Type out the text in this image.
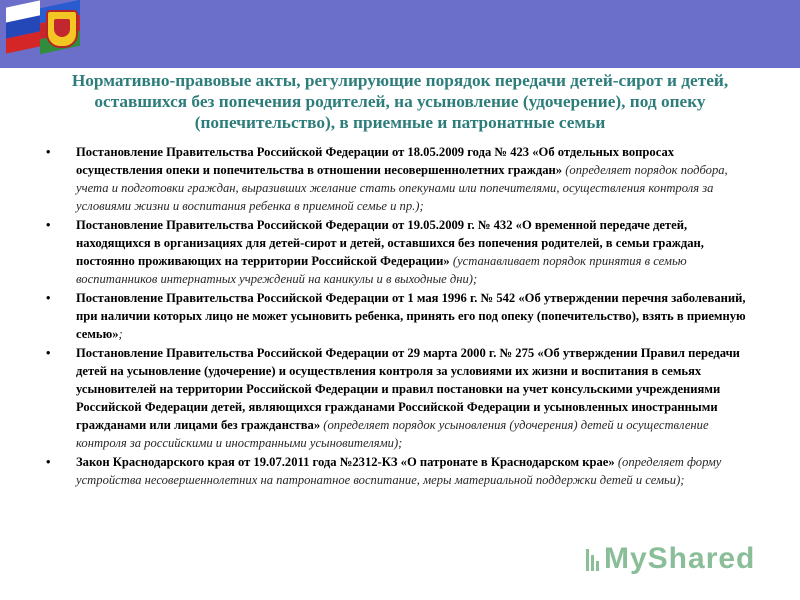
Нормативно-правовые акты, регулирующие порядок передачи детей-сирот и детей, оставшихся без попечения родителей, на усыновление (удочерение), под опеку (попечительство), в приемные и патронатные семьи
• Постановление Правительства Российской Федерации от 18.05.2009 года № 423 «Об отдельных вопросах осуществления опеки и попечительства в отношении несовершеннолетних граждан» (определяет порядок подбора, учета и подготовки граждан, выразивших желание стать опекунами или попечителями, осуществления контроля за условиями жизни и воспитания ребенка в приемной семье и пр.);
• Постановление Правительства Российской Федерации от 19.05.2009 г. № 432 «О временной передаче детей, находящихся в организациях для детей-сирот и детей, оставшихся без попечения родителей, в семьи граждан, постоянно проживающих на территории Российской Федерации» (устанавливает порядок принятия в семью воспитанников интернатных учреждений на каникулы и в выходные дни);
• Постановление Правительства Российской Федерации от 1 мая 1996 г. № 542 «Об утверждении перечня заболеваний, при наличии которых лицо не может усыновить ребенка, принять его под опеку (попечительство), взять в приемную семью»;
• Постановление Правительства Российской Федерации от 29 марта 2000 г. № 275 «Об утверждении Правил передачи детей на усыновление (удочерение) и осуществления контроля за условиями их жизни и воспитания в семьях усыновителей на территории Российской Федерации и правил постановки на учет консульскими учреждениями Российской Федерации детей, являющихся гражданами Российской Федерации и усыновленных иностранными гражданами или лицами без гражданства» (определяет порядок усыновления (удочерения) детей и осуществление контроля за российскими и иностранными усыновителями);
• Закон Краснодарского края от 19.07.2011 года №2312-КЗ «О патронате в Краснодарском крае» (определяет форму устройства несовершеннолетних на патронатное воспитание, меры материальной поддержки детей и семьи);
MyShared
